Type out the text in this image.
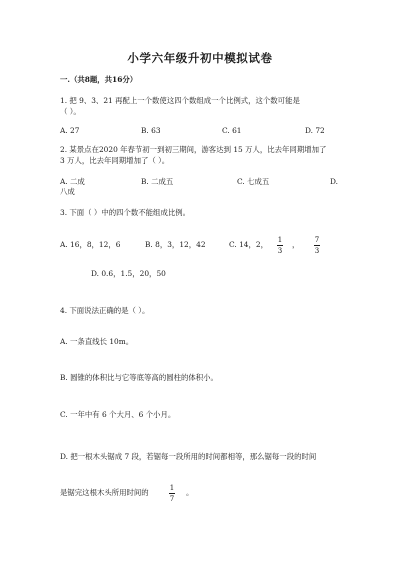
小学六年级升初中模拟试卷
一.（共8题，共16分）
1. 把 9、3、21 再配上一个数使这四个数组成一个比例式，这个数可能是
（ ）。
A. 27	B. 63	C. 61	D. 72
2. 某景点在2020 年春节初一到初三期间，游客达到 15 万人，比去年同期增加了
3 万人，比去年同期增加了（ ）。
A. 二成	B. 二成五	C. 七成五	D.
八成
3. 下面（ ）中的四个数不能组成比例。
A. 16，8，12，6	B. 8，3，12，42	C. 14，2， 1
3
， 7
3
D. 0.6，1.5，20，50
4. 下面说法正确的是（ ）。
A. 一条直线长 10m。
B. 圆锥的体积比与它等底等高的圆柱的体积小。
C. 一年中有 6 个大月、6 个小月。
D. 把一根木头锯成 7 段，若锯每一段所用的时间都相等，那么锯每一段的时间
是锯完这根木头所用时间的	1
7
。
